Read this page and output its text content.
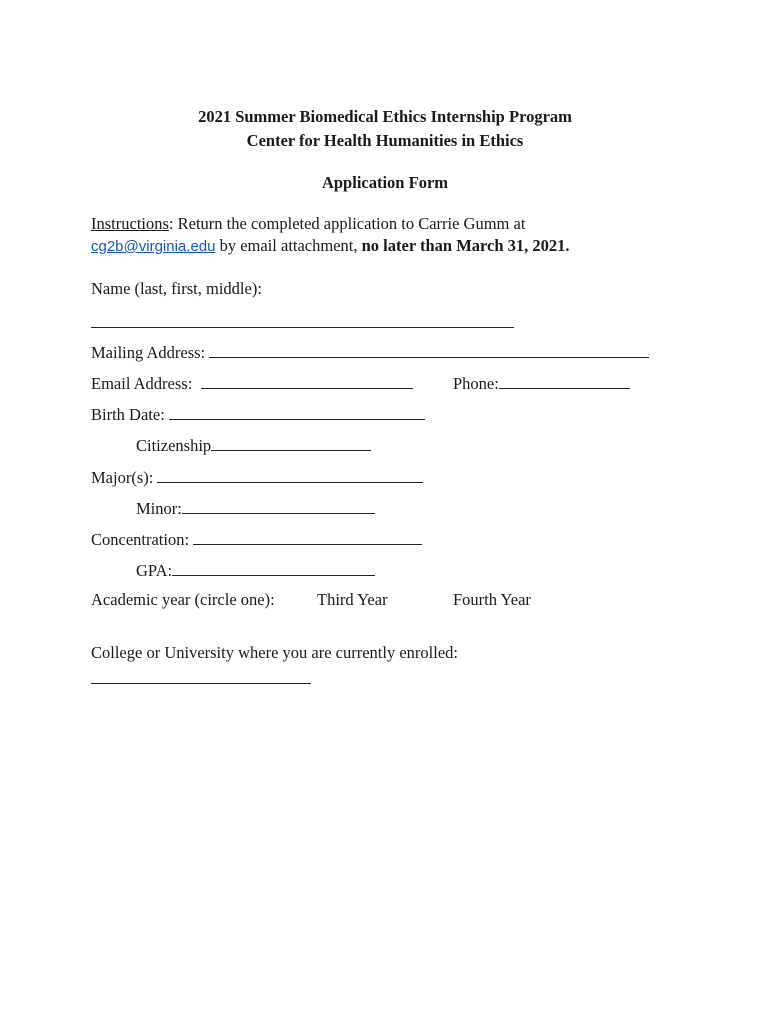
2021 Summer Biomedical Ethics Internship Program
Center for Health Humanities in Ethics
Application Form
Instructions: Return the completed application to Carrie Gumm at
cg2b@virginia.edu by email attachment, no later than March 31, 2021.
Name (last, first, middle):
Mailing Address:
Email Address:	Phone:
Birth Date:
Citizenship
Major(s):
Minor:
Concentration:
GPA:
Academic year (circle one):	Third Year	Fourth Year
College or University where you are currently enrolled:
